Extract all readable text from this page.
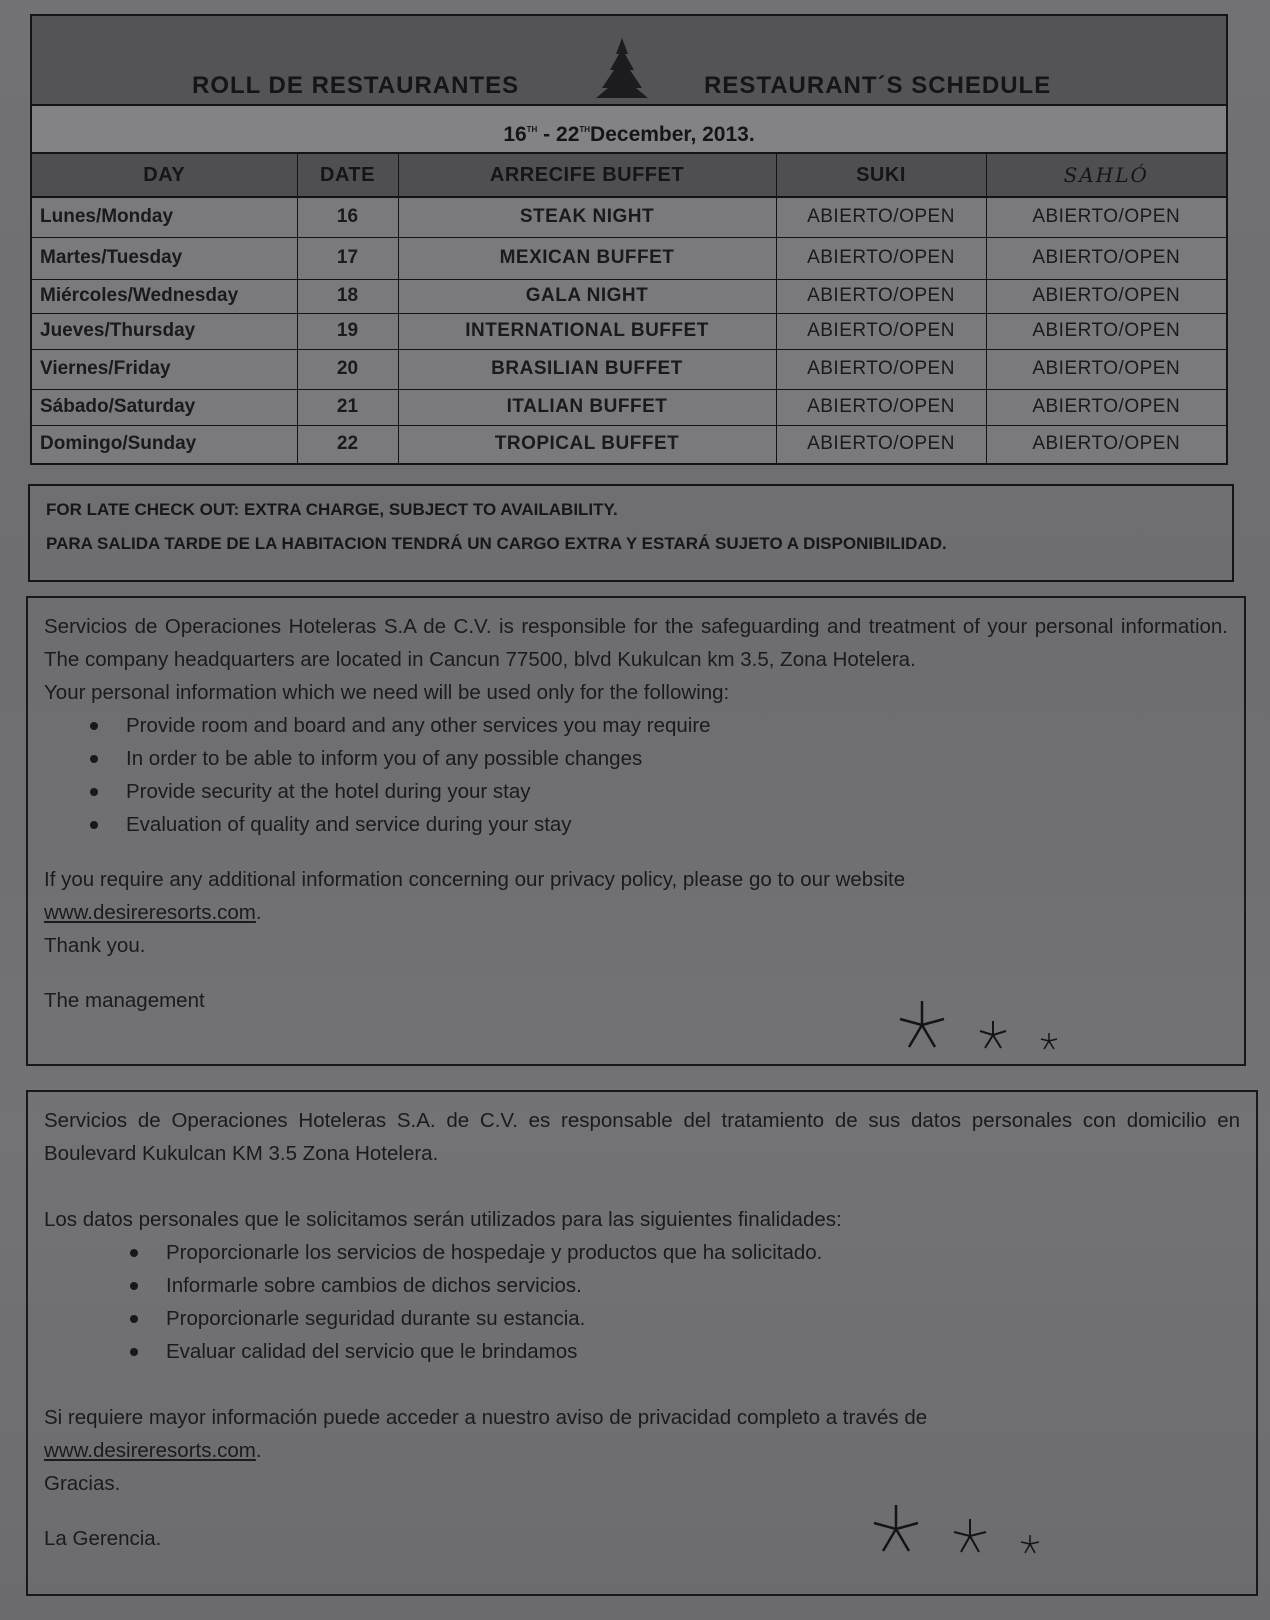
ROLL DE RESTAURANTES	RESTAURANT´S SCHEDULE
16TH - 22THDecember, 2013.
DAY	DATE	ARRECIFE BUFFET	SUKI	SAHLÓ
Lunes/Monday	16	STEAK NIGHT	ABIERTO/OPEN	ABIERTO/OPEN
Martes/Tuesday	17	MEXICAN BUFFET	ABIERTO/OPEN	ABIERTO/OPEN
Miércoles/Wednesday	18	GALA NIGHT	ABIERTO/OPEN	ABIERTO/OPEN
Jueves/Thursday	19	INTERNATIONAL BUFFET	ABIERTO/OPEN	ABIERTO/OPEN
Viernes/Friday	20	BRASILIAN BUFFET	ABIERTO/OPEN	ABIERTO/OPEN
Sábado/Saturday	21	ITALIAN BUFFET	ABIERTO/OPEN	ABIERTO/OPEN
Domingo/Sunday	22	TROPICAL BUFFET	ABIERTO/OPEN	ABIERTO/OPEN

FOR LATE CHECK OUT: EXTRA CHARGE, SUBJECT TO AVAILABILITY.

PARA SALIDA TARDE DE LA HABITACION TENDRÁ UN CARGO EXTRA Y ESTARÁ SUJETO A DISPONIBILIDAD.

Servicios de Operaciones Hoteleras S.A de C.V. is responsible for the safeguarding and treatment of your personal information. The company headquarters are located in Cancun 77500, blvd Kukulcan km 3.5, Zona Hotelera.

Your personal information which we need will be used only for the following:

Provide room and board and any other services you may require
In order to be able to inform you of any possible changes
Provide security at the hotel during your stay
Evaluation of quality and service during your stay

If you require any additional information concerning our privacy policy, please go to our website

www.desireresorts.com.

Thank you.

The management

Servicios de Operaciones Hoteleras S.A. de C.V. es responsable del tratamiento de sus datos personales con domicilio en Boulevard Kukulcan KM 3.5 Zona Hotelera.

Los datos personales que le solicitamos serán utilizados para las siguientes finalidades:

Proporcionarle los servicios de hospedaje y productos que ha solicitado.
Informarle sobre cambios de dichos servicios.
Proporcionarle seguridad durante su estancia.
Evaluar calidad del servicio que le brindamos

Si requiere mayor información puede acceder a nuestro aviso de privacidad completo a través de

www.desireresorts.com.

Gracias.

La Gerencia.
